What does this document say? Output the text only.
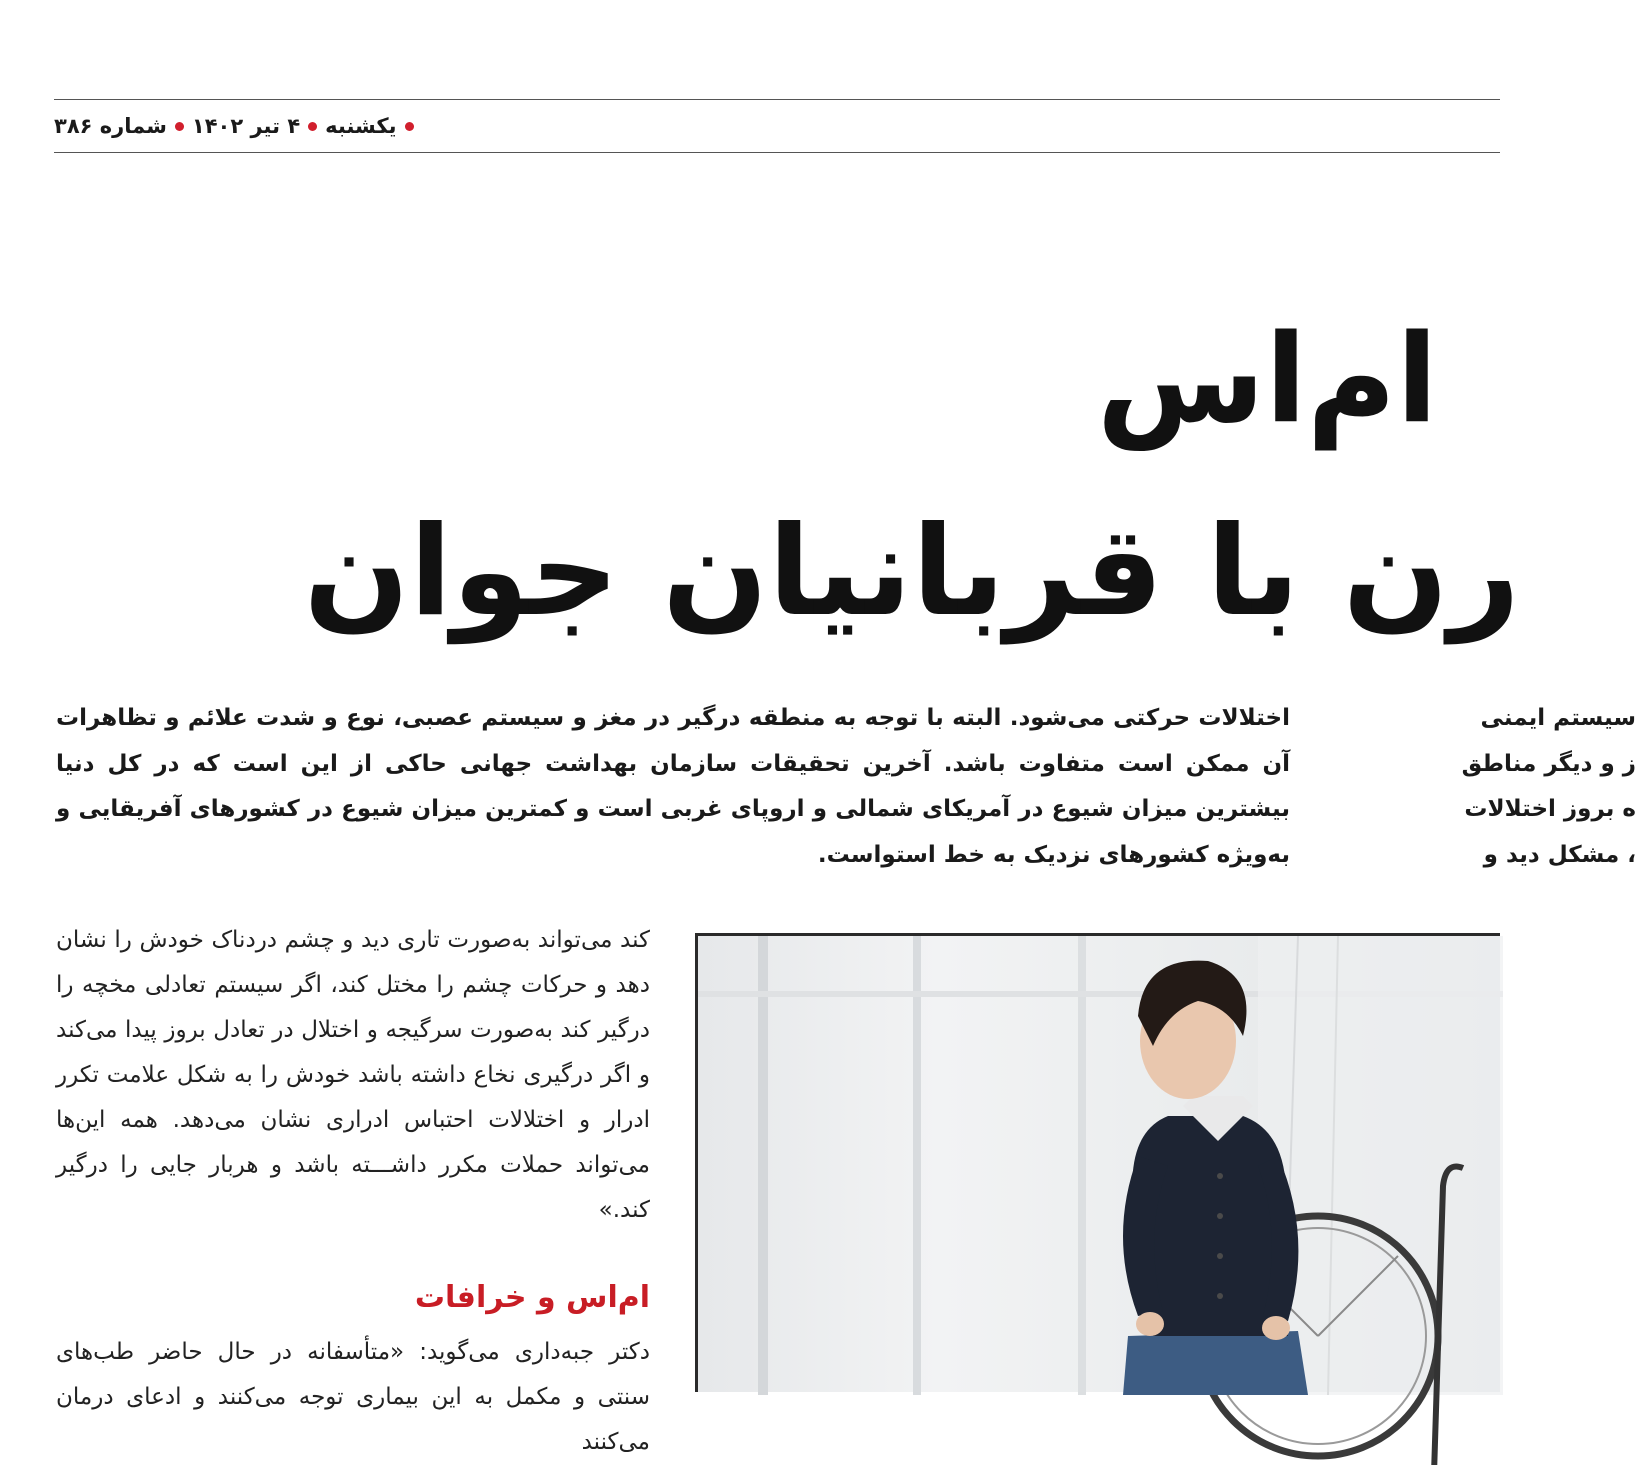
یکشنبه
۴ تیر ۱۴۰۲
شماره ۳۸۶
ام‌اس
رن با قربانیان جوان
اختلالات حرکتی می‌شود. البته با توجه به منطقه درگیر در مغز و سیستم عصبی، نوع و شدت علائم و تظاهرات آن ممکن است متفاوت باشد. آخرین تحقیقات سازمان بهداشت جهانی حاکی از این است که در کل دنیا بیشترین میزان شیوع در آمریکای شمالی و اروپای غربی است و کمترین میزان شیوع در کشورهای آفریقایی و به‌ویژه کشورهای نزدیک به خط استواست.
سیستم ایمنی
ز و دیگر مناطق
ه بروز اختلالات
، مشکل دید و
کند می‌تواند به‌صورت تاری دید و چشم دردناک خودش را نشان دهد و حرکات چشم را مختل کند، اگر سیستم تعادلی مخچه را درگیر کند به‌صورت سرگیجه و اختلال در تعادل بروز پیدا می‌کند و اگر درگیری نخاع داشته باشد خودش را به شکل علامت تکرر ادرار و اختلالات احتباس ادراری نشان می‌دهد. همه این‌ها می‌تواند حملات مکرر داشـــته باشد و هربار جایی را درگیر کند.»
ام‌اس و خرافات
دکتر جبه‌داری می‌گوید: «متأسفانه در حال حاضر طب‌های سنتی و مکمل به این بیماری توجه می‌کنند و ادعای درمان می‌کنند
